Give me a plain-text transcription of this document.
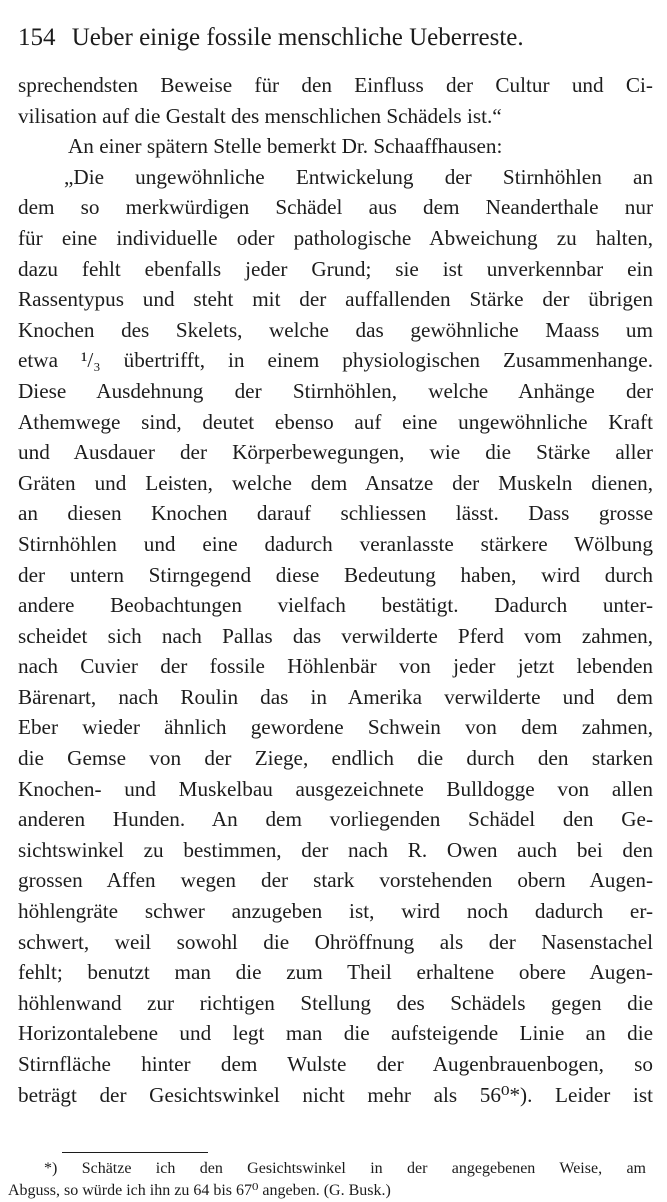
154 Ueber einige fossile menschliche Ueberreste.
sprechendsten Beweise für den Einfluss der Cultur und Ci-
vilisation auf die Gestalt des menschlichen Schädels ist.“
An einer spätern Stelle bemerkt Dr. Schaaffhausen:
„Die ungewöhnliche Entwickelung der Stirnhöhlen an
dem so merkwürdigen Schädel aus dem Neanderthale nur
für eine individuelle oder pathologische Abweichung zu halten,
dazu fehlt ebenfalls jeder Grund; sie ist unverkennbar ein
Rassentypus und steht mit der auffallenden Stärke der übrigen
Knochen des Skelets, welche das gewöhnliche Maass um
etwa ¹/₃ übertrifft, in einem physiologischen Zusammenhange.
Diese Ausdehnung der Stirnhöhlen, welche Anhänge der
Athemwege sind, deutet ebenso auf eine ungewöhnliche Kraft
und Ausdauer der Körperbewegungen, wie die Stärke aller
Gräten und Leisten, welche dem Ansatze der Muskeln dienen,
an diesen Knochen darauf schliessen lässt. Dass grosse
Stirnhöhlen und eine dadurch veranlasste stärkere Wölbung
der untern Stirngegend diese Bedeutung haben, wird durch
andere Beobachtungen vielfach bestätigt. Dadurch unter-
scheidet sich nach Pallas das verwilderte Pferd vom zahmen,
nach Cuvier der fossile Höhlenbär von jeder jetzt lebenden
Bärenart, nach Roulin das in Amerika verwilderte und dem
Eber wieder ähnlich gewordene Schwein von dem zahmen,
die Gemse von der Ziege, endlich die durch den starken
Knochen- und Muskelbau ausgezeichnete Bulldogge von allen
anderen Hunden. An dem vorliegenden Schädel den Ge-
sichtswinkel zu bestimmen, der nach R. Owen auch bei den
grossen Affen wegen der stark vorstehenden obern Augen-
höhlengräte schwer anzugeben ist, wird noch dadurch er-
schwert, weil sowohl die Ohröffnung als der Nasenstachel
fehlt; benutzt man die zum Theil erhaltene obere Augen-
höhlenwand zur richtigen Stellung des Schädels gegen die
Horizontalebene und legt man die aufsteigende Linie an die
Stirnfläche hinter dem Wulste der Augenbrauenbogen, so
beträgt der Gesichtswinkel nicht mehr als 56⁰*). Leider ist
*) Schätze ich den Gesichtswinkel in der angegebenen Weise, am
Abguss, so würde ich ihn zu 64 bis 67⁰ angeben. (G. Busk.)
